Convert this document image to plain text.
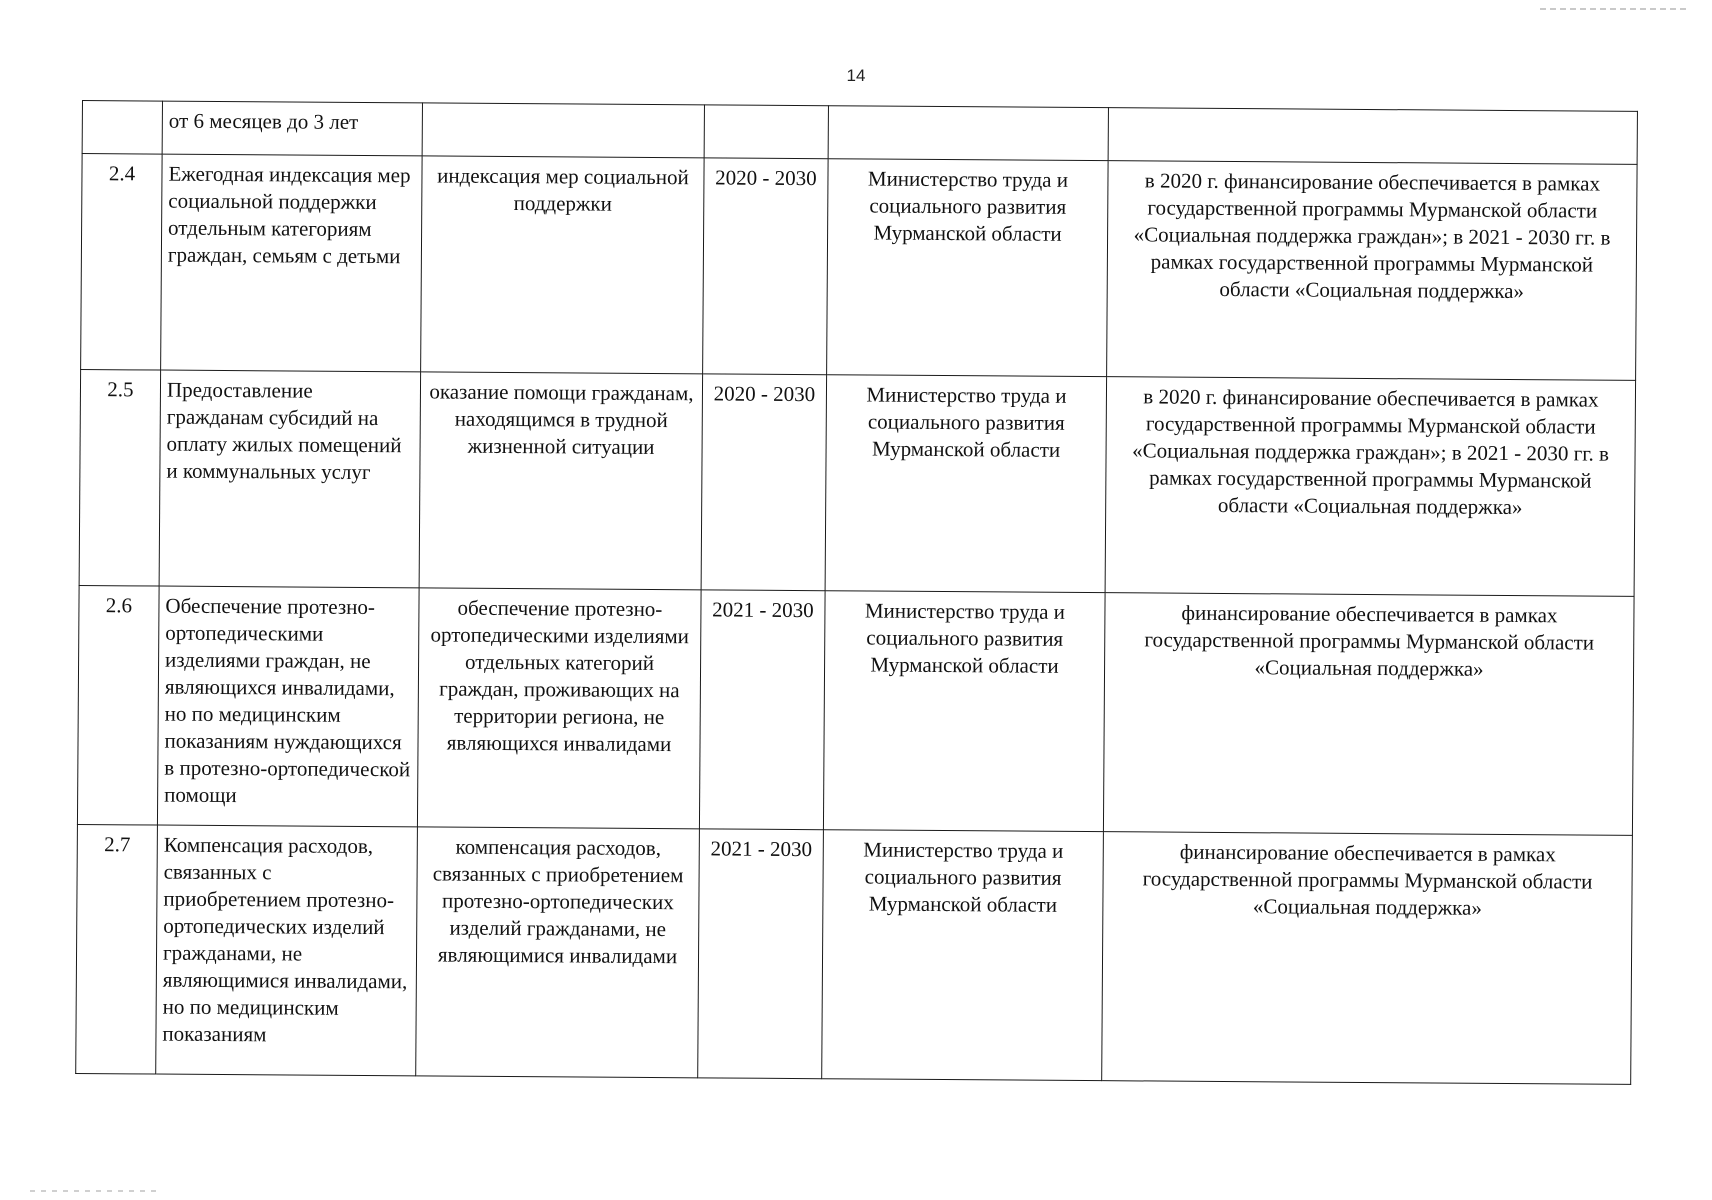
14
	от 6 месяцев до 3 лет				
2.4	Ежегодная индексация мер социальной поддержки отдельным категориям граждан, семьям с детьми	индексация мер социальной поддержки	2020 - 2030	Министерство труда и социального развития Мурманской области	в 2020 г. финансирование обеспечивается в рамках государственной программы Мурманской области «Социальная поддержка граждан»; в 2021 - 2030 гг. в рамках государственной программы Мурманской области «Социальная поддержка»
2.5	Предоставление гражданам субсидий на оплату жилых помещений и коммунальных услуг	оказание помощи гражданам, находящимся в трудной жизненной ситуации	2020 - 2030	Министерство труда и социального развития Мурманской области	в 2020 г. финансирование обеспечивается в рамках государственной программы Мурманской области «Социальная поддержка граждан»; в 2021 - 2030 гг. в рамках государственной программы Мурманской области «Социальная поддержка»
2.6	Обеспечение протезно-ортопедическими изделиями граждан, не являющихся инвалидами, но по медицинским показаниям нуждающихся в протезно-ортопедической помощи	обеспечение протезно-ортопедическими изделиями отдельных категорий граждан, проживающих на территории региона, не являющихся инвалидами	2021 - 2030	Министерство труда и социального развития Мурманской области	финансирование обеспечивается в рамках государственной программы Мурманской области «Социальная поддержка»
2.7	Компенсация расходов, связанных с приобретением протезно-ортопедических изделий гражданами, не являющимися инвалидами, но по медицинским показаниям	компенсация расходов, связанных с приобретением протезно-ортопедических изделий гражданами, не являющимися инвалидами	2021 - 2030	Министерство труда и социального развития Мурманской области	финансирование обеспечивается в рамках государственной программы Мурманской области «Социальная поддержка»
